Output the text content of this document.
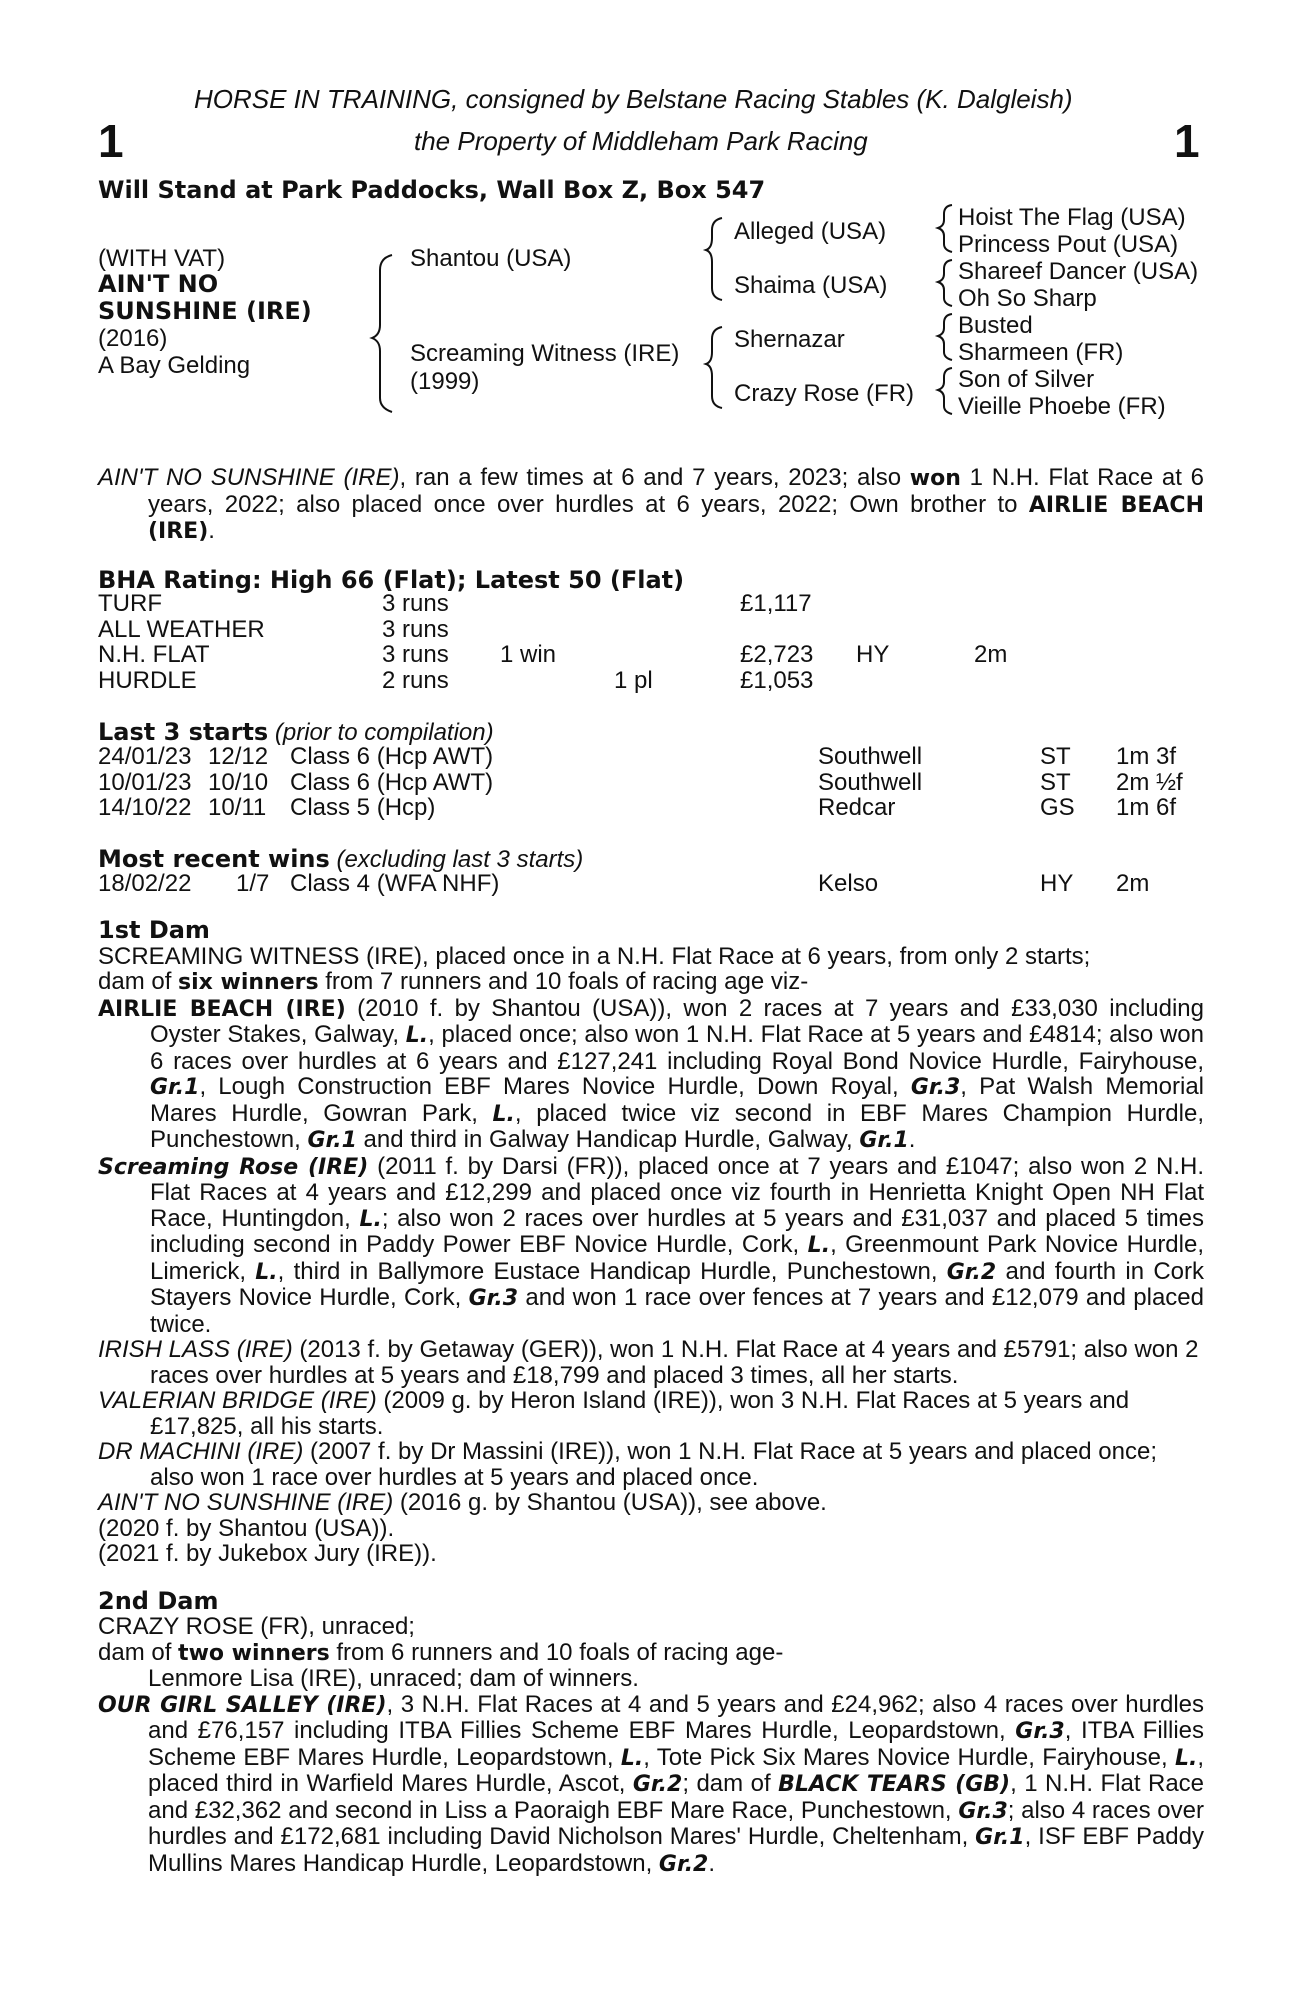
HORSE IN TRAINING, consigned by Belstane Racing Stables (K. Dalgleish)
1	the Property of Middleham Park Racing	1
Will Stand at Park Paddocks, Wall Box Z, Box 547
(WITH VAT)
AIN'T NO
SUNSHINE (IRE)
(2016)
A Bay Gelding
Shantou (USA)
Screaming Witness (IRE)
(1999)
Alleged (USA)
Shaima (USA)
Shernazar
Crazy Rose (FR)
Hoist The Flag (USA)
Princess Pout (USA)
Shareef Dancer (USA)
Oh So Sharp
Busted
Sharmeen (FR)
Son of Silver
Vieille Phoebe (FR)

AIN'T NO SUNSHINE (IRE), ran a few times at 6 and 7 years, 2023; also won 1 N.H. Flat Race at 6 years, 2022; also placed once over hurdles at 6 years, 2022; Own brother to AIRLIE BEACH (IRE).

BHA Rating: High 66 (Flat); Latest 50 (Flat)
TURF	3 runs	£1,117
ALL WEATHER	3 runs
N.H. FLAT	3 runs 1 win	£2,723 HY	2m
HURDLE	2 runs	1 pl	£1,053
Last 3 starts (prior to compilation)
24/01/23 12/12 Class 6 (Hcp AWT)	Southwell	ST 1m 3f
10/01/23 10/10 Class 6 (Hcp AWT)	Southwell	ST 2m ½f
14/10/22 10/11 Class 5 (Hcp)	Redcar	GS 1m 6f
Most recent wins (excluding last 3 starts)
18/02/22 1/7 Class 4 (WFA NHF)	Kelso	HY 2m
1st Dam

SCREAMING WITNESS (IRE), placed once in a N.H. Flat Race at 6 years, from only 2 starts;

dam of six winners from 7 runners and 10 foals of racing age viz-

AIRLIE BEACH (IRE) (2010 f. by Shantou (USA)), won 2 races at 7 years and £33,030 including Oyster Stakes, Galway, L., placed once; also won 1 N.H. Flat Race at 5 years and £4814; also won 6 races over hurdles at 6 years and £127,241 including Royal Bond Novice Hurdle, Fairyhouse, Gr.1, Lough Construction EBF Mares Novice Hurdle, Down Royal, Gr.3, Pat Walsh Memorial Mares Hurdle, Gowran Park, L., placed twice viz second in EBF Mares Champion Hurdle, Punchestown, Gr.1 and third in Galway Handicap Hurdle, Galway, Gr.1.

Screaming Rose (IRE) (2011 f. by Darsi (FR)), placed once at 7 years and £1047; also won 2 N.H. Flat Races at 4 years and £12,299 and placed once viz fourth in Henrietta Knight Open NH Flat Race, Huntingdon, L.; also won 2 races over hurdles at 5 years and £31,037 and placed 5 times including second in Paddy Power EBF Novice Hurdle, Cork, L., Greenmount Park Novice Hurdle, Limerick, L., third in Ballymore Eustace Handicap Hurdle, Punchestown, Gr.2 and fourth in Cork Stayers Novice Hurdle, Cork, Gr.3 and won 1 race over fences at 7 years and £12,079 and placed twice.

IRISH LASS (IRE) (2013 f. by Getaway (GER)), won 1 N.H. Flat Race at 4 years and £5791; also won 2 races over hurdles at 5 years and £18,799 and placed 3 times, all her starts.

VALERIAN BRIDGE (IRE) (2009 g. by Heron Island (IRE)), won 3 N.H. Flat Races at 5 years and £17,825, all his starts.

DR MACHINI (IRE) (2007 f. by Dr Massini (IRE)), won 1 N.H. Flat Race at 5 years and placed once; also won 1 race over hurdles at 5 years and placed once.

AIN'T NO SUNSHINE (IRE) (2016 g. by Shantou (USA)), see above.

(2020 f. by Shantou (USA)).

(2021 f. by Jukebox Jury (IRE)).

2nd Dam

CRAZY ROSE (FR), unraced;

dam of two winners from 6 runners and 10 foals of racing age-

Lenmore Lisa (IRE), unraced; dam of winners.

OUR GIRL SALLEY (IRE), 3 N.H. Flat Races at 4 and 5 years and £24,962; also 4 races over hurdles and £76,157 including ITBA Fillies Scheme EBF Mares Hurdle, Leopardstown, Gr.3, ITBA Fillies Scheme EBF Mares Hurdle, Leopardstown, L., Tote Pick Six Mares Novice Hurdle, Fairyhouse, L., placed third in Warfield Mares Hurdle, Ascot, Gr.2; dam of BLACK TEARS (GB), 1 N.H. Flat Race and £32,362 and second in Liss a Paoraigh EBF Mare Race, Punchestown, Gr.3; also 4 races over hurdles and £172,681 including David Nicholson Mares' Hurdle, Cheltenham, Gr.1, ISF EBF Paddy Mullins Mares Handicap Hurdle, Leopardstown, Gr.2.
